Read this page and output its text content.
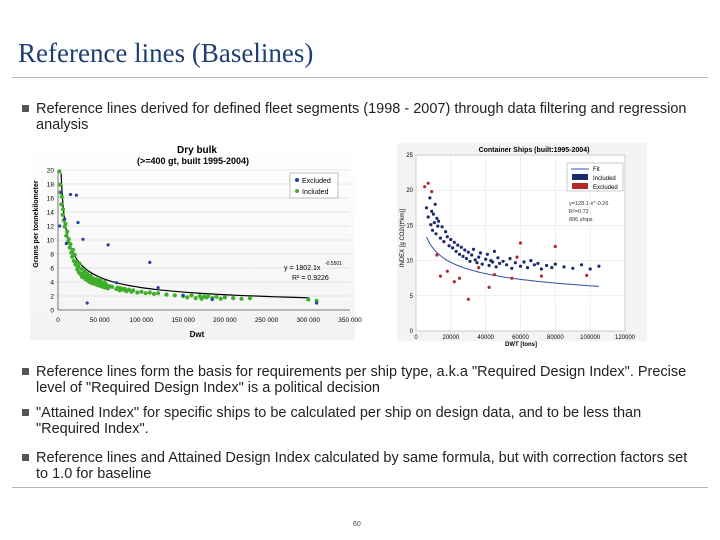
Reference lines (Baselines)
Reference lines derived for defined fleet segments (1998 - 2007) through data filtering and regression analysis
0	50 000	100 000	150 000	200 000	250 000	300 000	350 000
0
2
4
6
8
10
12
14
16
18
20
Dry bulk
(>=400 gt, built 1995-2004)
Dwt
Grams per tonnekilometer	Excluded
Included
y = 1802.1x
-0.5501
R² = 0.9226
0	20000	40000	60000	80000	100000 120000
0
5
10
15
20
25
Container Ships (built:1995-2004)
DWT [tons]
INDEX [g CO2/(t*km)]
Fit
Included
Excluded
y=128.1·x^-0.26
R²=0.72
896 ships
Reference lines form the basis for requirements per ship type, a.k.a "Required Design Index". Precise level of "Required Design Index" is a political decision
"Attained Index" for specific ships to be calculated per ship on design data, and to be less than "Required Index".
Reference lines and Attained Design Index calculated by same formula, but with correction factors set to 1.0 for baseline
60
